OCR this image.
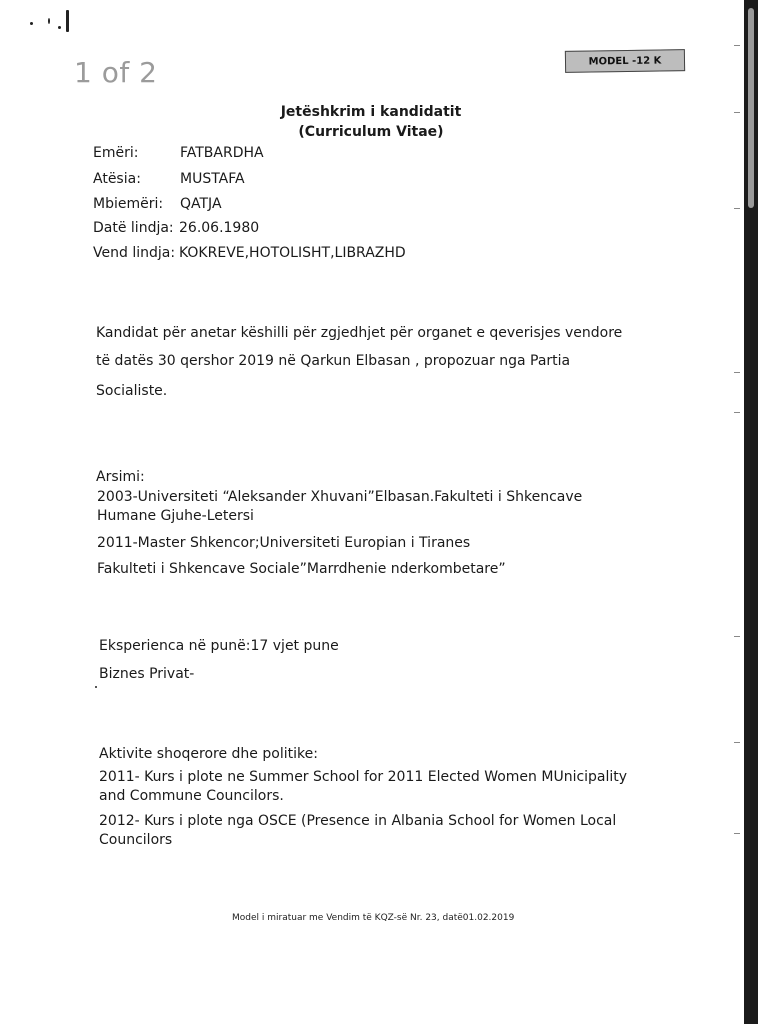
1 of 2	MODEL -12 K
Jetëshkrim i kandidatit
(Curriculum Vitae)
Emëri:	FATBARDHA
Atësia:	MUSTAFA
Mbiemëri: QATJA
Datë lindja: 26.06.1980
Vend lindja: KOKREVE,HOTOLISHT,LIBRAZHD
Kandidat për anetar këshilli për zgjedhjet për organet e qeverisjes vendore
të datës 30 qershor 2019 në Qarkun Elbasan , propozuar nga Partia
Socialiste.
Arsimi:
2003-Universiteti “Aleksander Xhuvani”Elbasan.Fakulteti i Shkencave
Humane Gjuhe-Letersi
2011-Master Shkencor;Universiteti Europian i Tiranes
Fakulteti i Shkencave Sociale”Marrdhenie nderkombetare”
Eksperienca në punë:17 vjet pune
Biznes Privat-
Aktivite shoqerore dhe politike:
2011- Kurs i plote ne Summer School for 2011 Elected Women MUnicipality
and Commune Councilors.
2012- Kurs i plote nga OSCE (Presence in Albania School for Women Local
Councilors
Model i miratuar me Vendim të KQZ-së Nr. 23, datë01.02.2019
